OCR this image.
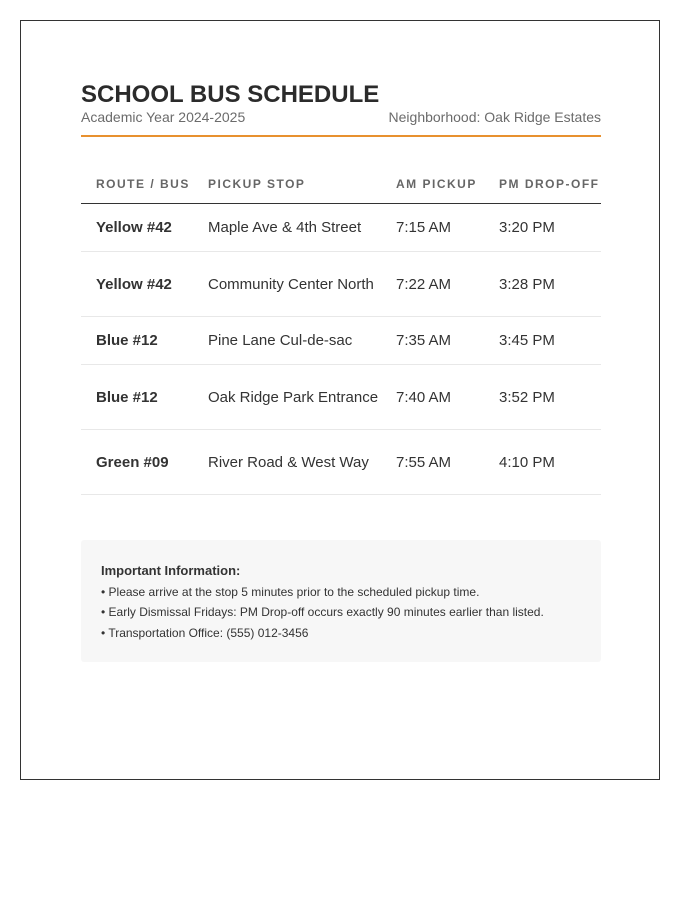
SCHOOL BUS SCHEDULE
Academic Year 2024-2025	Neighborhood: Oak Ridge Estates
ROUTE / BUS	PICKUP STOP	AM PICKUP	PM DROP-OFF
Yellow #42	Maple Ave & 4th Street	7:15 AM	3:20 PM
Yellow #42	Community Center North	7:22 AM	3:28 PM
Blue #12	Pine Lane Cul-de-sac	7:35 AM	3:45 PM
Blue #12	Oak Ridge Park Entrance	7:40 AM	3:52 PM
Green #09	River Road & West Way	7:55 AM	4:10 PM
Important Information:
• Please arrive at the stop 5 minutes prior to the scheduled pickup time.
• Early Dismissal Fridays: PM Drop-off occurs exactly 90 minutes earlier than listed.
• Transportation Office: (555) 012-3456
